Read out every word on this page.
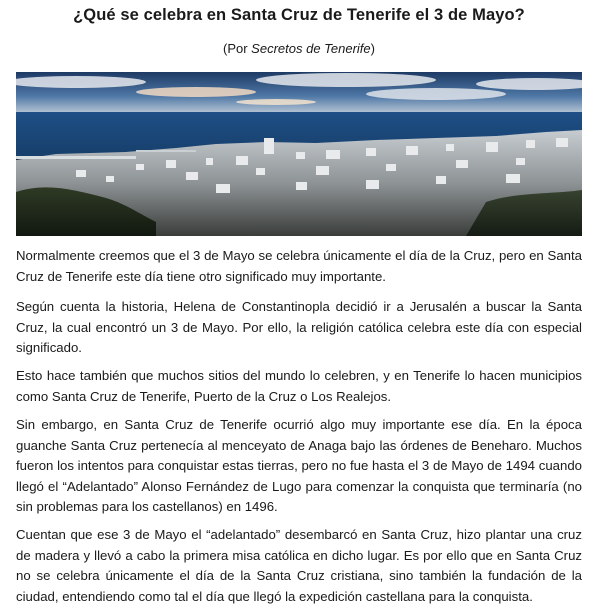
¿Qué se celebra en Santa Cruz de Tenerife el 3 de Mayo?
(Por Secretos de Tenerife)

Normalmente creemos que el 3 de Mayo se celebra únicamente el día de la Cruz, pero en Santa Cruz de Tenerife este día tiene otro significado muy importante.

Según cuenta la historia, Helena de Constantinopla decidió ir a Jerusalén a buscar la Santa Cruz, la cual encontró un 3 de Mayo. Por ello, la religión católica celebra este día con especial significado.

Esto hace también que muchos sitios del mundo lo celebren, y en Tenerife lo hacen municipios como Santa Cruz de Tenerife, Puerto de la Cruz o Los Realejos.

Sin embargo, en Santa Cruz de Tenerife ocurrió algo muy importante ese día. En la época guanche Santa Cruz pertenecía al menceyato de Anaga bajo las órdenes de Beneharo. Muchos fueron los intentos para conquistar estas tierras, pero no fue hasta el 3 de Mayo de 1494 cuando llegó el “Adelantado” Alonso Fernández de Lugo para comenzar la conquista que terminaría (no sin problemas para los castellanos) en 1496.

Cuentan que ese 3 de Mayo el “adelantado” desembarcó en Santa Cruz, hizo plantar una cruz de madera y llevó a cabo la primera misa católica en dicho lugar. Es por ello que en Santa Cruz no se celebra únicamente el día de la Santa Cruz cristiana, sino también la fundación de la ciudad, entendiendo como tal el día que llegó la expedición castellana para la conquista.
